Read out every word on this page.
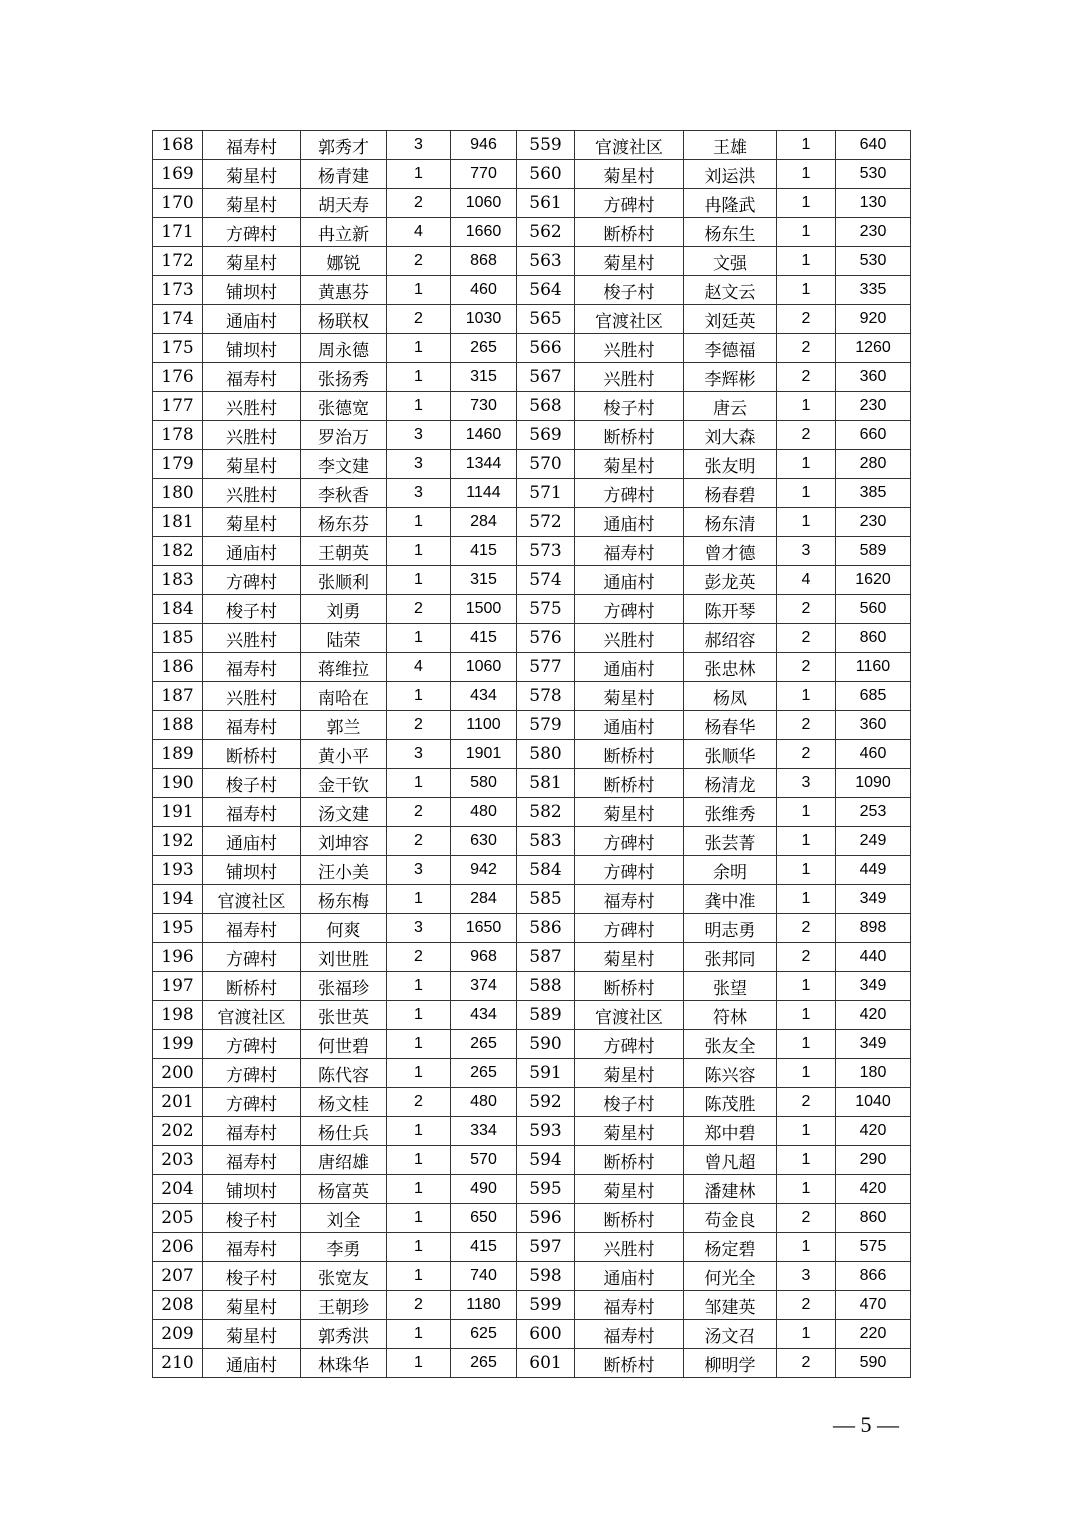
168	福寿村	郭秀才	3	946	559	官渡社区	王雄	1	640
169	菊星村	杨青建	1	770	560	菊星村	刘运洪	1	530
170	菊星村	胡天寿	2	1060	561	方碑村	冉隆武	1	130
171	方碑村	冉立新	4	1660	562	断桥村	杨东生	1	230
172	菊星村	娜锐	2	868	563	菊星村	文强	1	530
173	铺坝村	黄惠芬	1	460	564	梭子村	赵文云	1	335
174	通庙村	杨联权	2	1030	565	官渡社区	刘廷英	2	920
175	铺坝村	周永德	1	265	566	兴胜村	李德福	2	1260
176	福寿村	张扬秀	1	315	567	兴胜村	李辉彬	2	360
177	兴胜村	张德宽	1	730	568	梭子村	唐云	1	230
178	兴胜村	罗治万	3	1460	569	断桥村	刘大森	2	660
179	菊星村	李文建	3	1344	570	菊星村	张友明	1	280
180	兴胜村	李秋香	3	1144	571	方碑村	杨春碧	1	385
181	菊星村	杨东芬	1	284	572	通庙村	杨东清	1	230
182	通庙村	王朝英	1	415	573	福寿村	曾才德	3	589
183	方碑村	张顺利	1	315	574	通庙村	彭龙英	4	1620
184	梭子村	刘勇	2	1500	575	方碑村	陈开琴	2	560
185	兴胜村	陆荣	1	415	576	兴胜村	郝绍容	2	860
186	福寿村	蒋维拉	4	1060	577	通庙村	张忠林	2	1160
187	兴胜村	南哈在	1	434	578	菊星村	杨凤	1	685
188	福寿村	郭兰	2	1100	579	通庙村	杨春华	2	360
189	断桥村	黄小平	3	1901	580	断桥村	张顺华	2	460
190	梭子村	金干钦	1	580	581	断桥村	杨清龙	3	1090
191	福寿村	汤文建	2	480	582	菊星村	张维秀	1	253
192	通庙村	刘坤容	2	630	583	方碑村	张芸菁	1	249
193	铺坝村	汪小美	3	942	584	方碑村	余明	1	449
194	官渡社区	杨东梅	1	284	585	福寿村	龚中准	1	349
195	福寿村	何爽	3	1650	586	方碑村	明志勇	2	898
196	方碑村	刘世胜	2	968	587	菊星村	张邦同	2	440
197	断桥村	张福珍	1	374	588	断桥村	张望	1	349
198	官渡社区	张世英	1	434	589	官渡社区	符林	1	420
199	方碑村	何世碧	1	265	590	方碑村	张友全	1	349
200	方碑村	陈代容	1	265	591	菊星村	陈兴容	1	180
201	方碑村	杨文桂	2	480	592	梭子村	陈茂胜	2	1040
202	福寿村	杨仕兵	1	334	593	菊星村	郑中碧	1	420
203	福寿村	唐绍雄	1	570	594	断桥村	曾凡超	1	290
204	铺坝村	杨富英	1	490	595	菊星村	潘建林	1	420
205	梭子村	刘全	1	650	596	断桥村	苟金良	2	860
206	福寿村	李勇	1	415	597	兴胜村	杨定碧	1	575
207	梭子村	张宽友	1	740	598	通庙村	何光全	3	866
208	菊星村	王朝珍	2	1180	599	福寿村	邹建英	2	470
209	菊星村	郭秀洪	1	625	600	福寿村	汤文召	1	220
210	通庙村	林珠华	1	265	601	断桥村	柳明学	2	590
— 5 —
